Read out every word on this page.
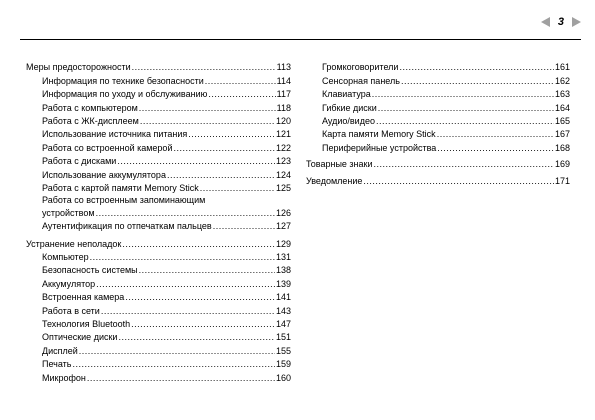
3
Меры предосторожности .....	113
Информация по технике безопасности .....	114
Информация по уходу и обслуживанию .....	117
Работа с компьютером .....	118
Работа с ЖК-дисплеем .....	120
Использование источника питания .....	121
Работа со встроенной камерой .....	122
Работа с дисками .....	123
Использование аккумулятора .....	124
Работа с картой памяти Memory Stick .....	125
Работа со встроенным запоминающим
устройством .....	126
Аутентификация по отпечаткам пальцев .....	127
Устранение неполадок .....	129
Компьютер .....	131
Безопасность системы .....	138
Аккумулятор .....	139
Встроенная камера .....	141
Работа в сети .....	143
Технология Bluetooth .....	147
Оптические диски .....	151
Дисплей .....	155
Печать .....	159
Микрофон .....	160
Громкоговорители .....	161
Сенсорная панель .....	162
Клавиатура .....	163
Гибкие диски .....	164
Аудио/видео .....	165
Карта памяти Memory Stick .....	167
Периферийные устройства .....	168
Товарные знаки .....	169
Уведомление .....	171
